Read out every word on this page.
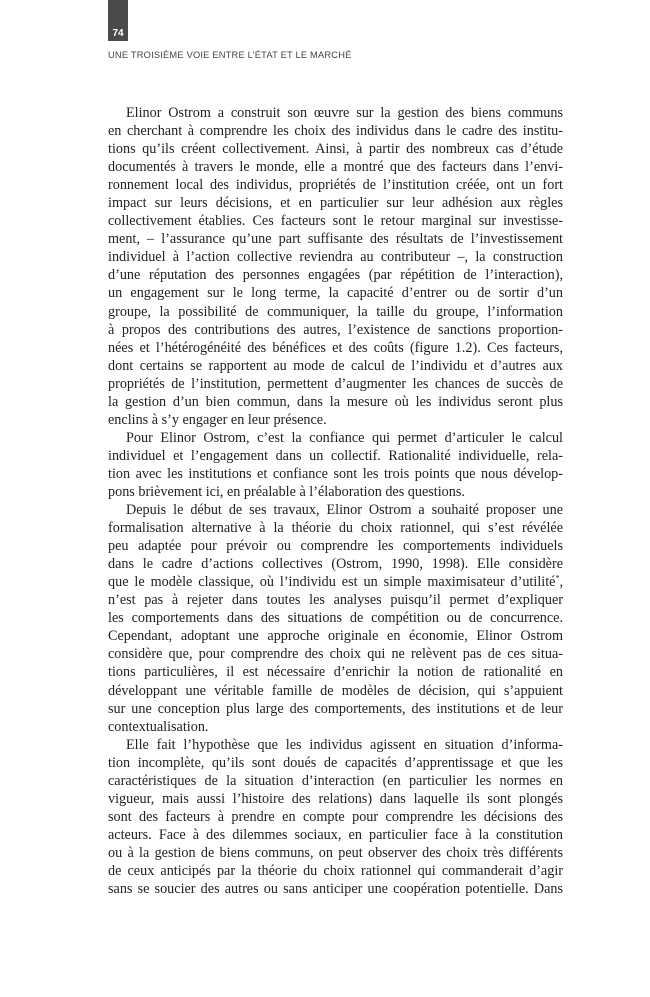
74
UNE TROISIÈME VOIE ENTRE L’ÉTAT ET LE MARCHÉ
Elinor Ostrom a construit son œuvre sur la gestion des biens communs
en cherchant à comprendre les choix des individus dans le cadre des institu-
tions qu’ils créent collectivement. Ainsi, à partir des nombreux cas d’étude
documentés à travers le monde, elle a montré que des facteurs dans l’envi-
ronnement local des individus, propriétés de l’institution créée, ont un fort
impact sur leurs décisions, et en particulier sur leur adhésion aux règles
collectivement établies. Ces facteurs sont le retour marginal sur investisse-
ment, – l’assurance qu’une part suffisante des résultats de l’investissement
individuel à l’action collective reviendra au contributeur –, la construction
d’une réputation des personnes engagées (par répétition de l’interaction),
un engagement sur le long terme, la capacité d’entrer ou de sortir d’un
groupe, la possibilité de communiquer, la taille du groupe, l’information
à propos des contributions des autres, l’existence de sanctions proportion-
nées et l’hétérogénéité des bénéfices et des coûts (figure 1.2). Ces facteurs,
dont certains se rapportent au mode de calcul de l’individu et d’autres aux
propriétés de l’institution, permettent d’augmenter les chances de succès de
la gestion d’un bien commun, dans la mesure où les individus seront plus
enclins à s’y engager en leur présence.
Pour Elinor Ostrom, c’est la confiance qui permet d’articuler le calcul
individuel et l’engagement dans un collectif. Rationalité individuelle, rela-
tion avec les institutions et confiance sont les trois points que nous dévelop-
pons brièvement ici, en préalable à l’élaboration des questions.
Depuis le début de ses travaux, Elinor Ostrom a souhaité proposer une
formalisation alternative à la théorie du choix rationnel, qui s’est révélée
peu adaptée pour prévoir ou comprendre les comportements individuels
dans le cadre d’actions collectives (Ostrom, 1990, 1998). Elle considère
que le modèle classique, où l’individu est un simple maximisateur d’utilité*,
n’est pas à rejeter dans toutes les analyses puisqu’il permet d’expliquer
les comportements dans des situations de compétition ou de concurrence.
Cependant, adoptant une approche originale en économie, Elinor Ostrom
considère que, pour comprendre des choix qui ne relèvent pas de ces situa-
tions particulières, il est nécessaire d’enrichir la notion de rationalité en
développant une véritable famille de modèles de décision, qui s’appuient
sur une conception plus large des comportements, des institutions et de leur
contextualisation.
Elle fait l’hypothèse que les individus agissent en situation d’informa-
tion incomplète, qu’ils sont doués de capacités d’apprentissage et que les
caractéristiques de la situation d’interaction (en particulier les normes en
vigueur, mais aussi l’histoire des relations) dans laquelle ils sont plongés
sont des facteurs à prendre en compte pour comprendre les décisions des
acteurs. Face à des dilemmes sociaux, en particulier face à la constitution
ou à la gestion de biens communs, on peut observer des choix très différents
de ceux anticipés par la théorie du choix rationnel qui commanderait d’agir
sans se soucier des autres ou sans anticiper une coopération potentielle. Dans
